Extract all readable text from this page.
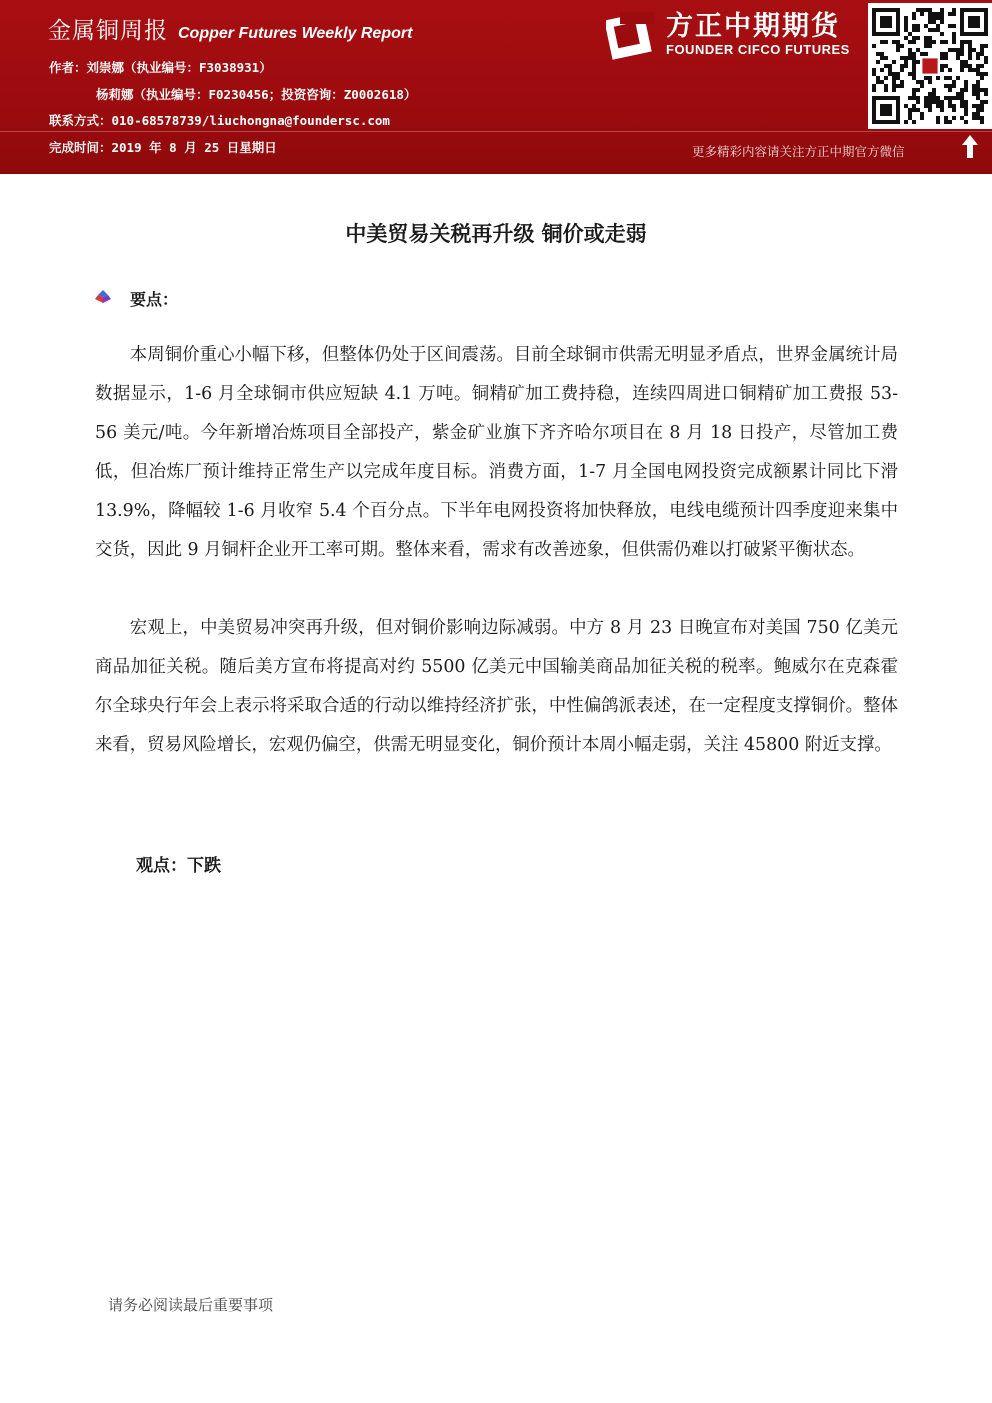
金属铜周报 Copper Futures Weekly Report
作者：刘崇娜（执业编号：F3038931）
杨莉娜（执业编号：F0230456；投资咨询：Z0002618）
联系方式：010-68578739/liuchongna@foundersc.com
完成时间：2019 年 8 月 25 日星期日
方正中期期货
FOUNDER CIFCO FUTURES
更多精彩内容请关注方正中期官方微信
中美贸易关税再升级 铜价或走弱
要点：

本周铜价重心小幅下移，但整体仍处于区间震荡。目前全球铜市供需无明显矛盾点，世界金属统计局数据显示，1-6 月全球铜市供应短缺 4.1 万吨。铜精矿加工费持稳，连续四周进口铜精矿加工费报 53-56 美元/吨。今年新增冶炼项目全部投产，紫金矿业旗下齐齐哈尔项目在 8 月 18 日投产，尽管加工费低，但冶炼厂预计维持正常生产以完成年度目标。消费方面，1-7 月全国电网投资完成额累计同比下滑 13.9%，降幅较 1-6 月收窄 5.4 个百分点。下半年电网投资将加快释放，电线电缆预计四季度迎来集中交货，因此 9 月铜杆企业开工率可期。整体来看，需求有改善迹象，但供需仍难以打破紧平衡状态。

宏观上，中美贸易冲突再升级，但对铜价影响边际减弱。中方 8 月 23 日晚宣布对美国 750 亿美元商品加征关税。随后美方宣布将提高对约 5500 亿美元中国输美商品加征关税的税率。鲍威尔在克森霍尔全球央行年会上表示将采取合适的行动以维持经济扩张，中性偏鸽派表述，在一定程度支撑铜价。整体来看，贸易风险增长，宏观仍偏空，供需无明显变化，铜价预计本周小幅走弱，关注 45800 附近支撑。

观点：下跌
请务必阅读最后重要事项
